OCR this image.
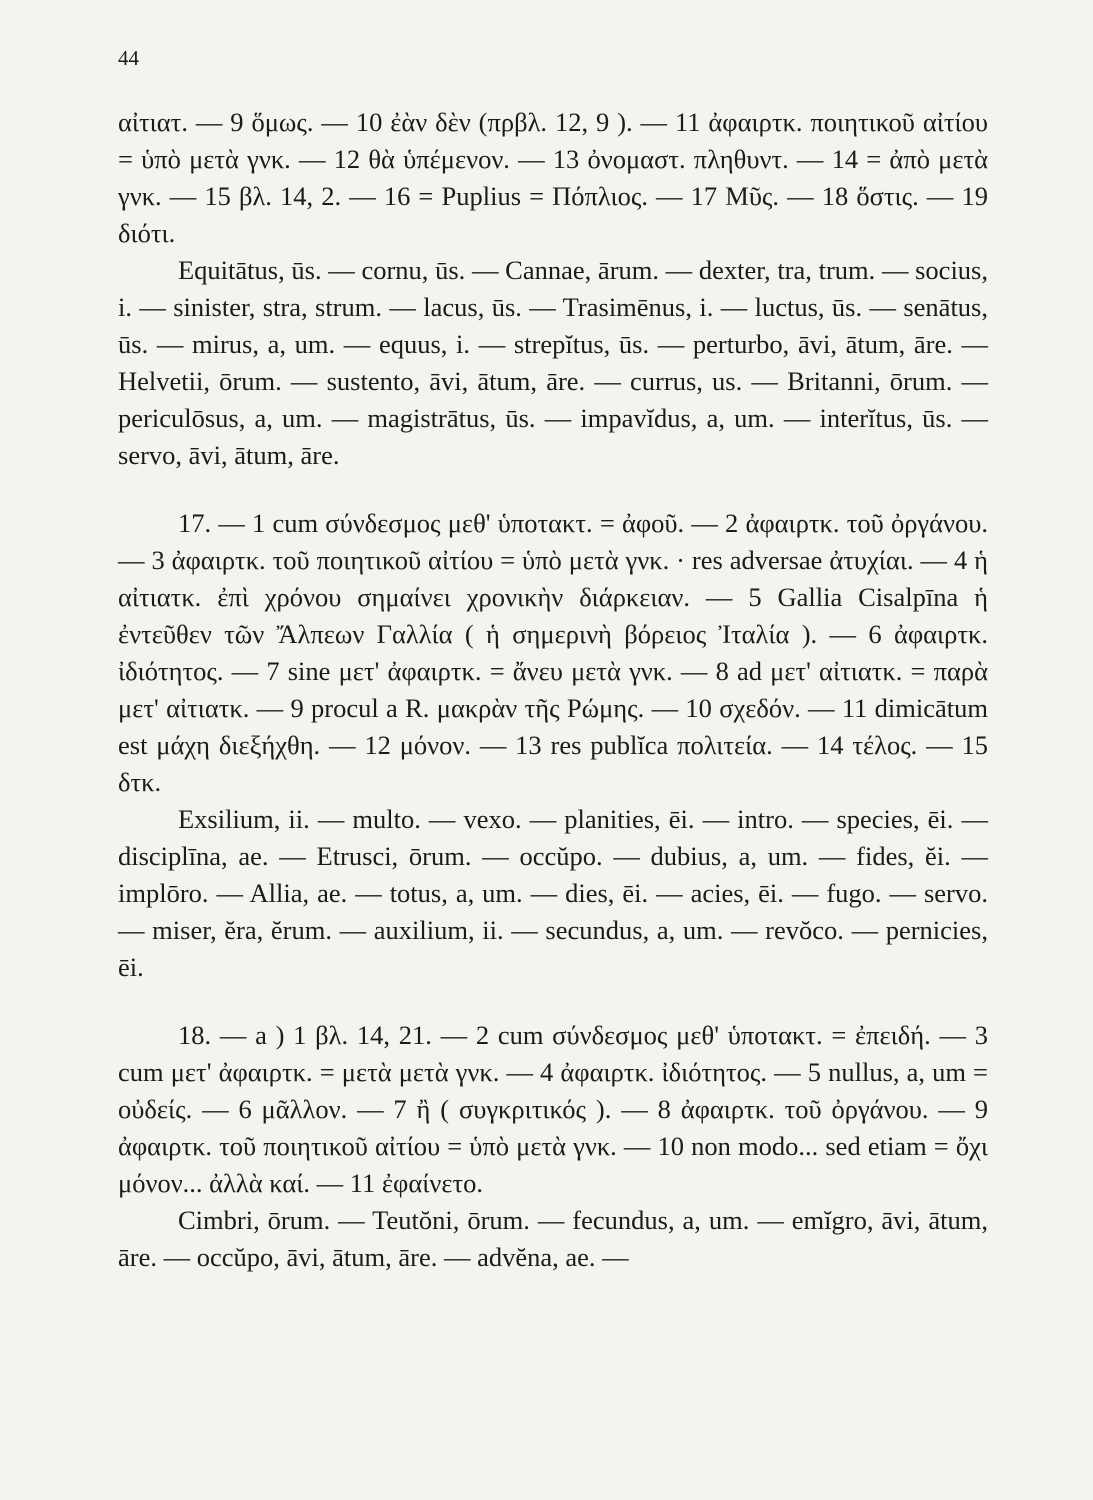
44

αἰτιατ. — 9 ὅμως. — 10 ἐὰν δὲν (πρβλ. 12, 9 ). — 11 ἀφαιρτκ. ποιητικοῦ αἰτίου = ὑπὸ μετὰ γνκ. — 12 θὰ ὑπέμενον. — 13 ὀνομαστ. πληθυντ. — 14 = ἀπὸ μετὰ γνκ. — 15 βλ. 14, 2. — 16 = Puplius = Πόπλιος. — 17 Μῦς. — 18 ὅστις. — 19 διότι.

Equitātus, ūs. — cornu, ūs. — Cannae, ārum. — dexter, tra, trum. — socius, i. — sinister, stra, strum. — lacus, ūs. — Trasimēnus, i. — luctus, ūs. — senātus, ūs. — mirus, a, um. — equus, i. — strepĭtus, ūs. — perturbo, āvi, ātum, āre. — Helvetii, ōrum. — sustento, āvi, ātum, āre. — currus, us. — Britanni, ōrum. — periculōsus, a, um. — magistrātus, ūs. — impavĭdus, a, um. — interĭtus, ūs. — servo, āvi, ātum, āre.

17. — 1 cum σύνδεσμος μεθ' ὑποτακτ. = ἀφοῦ. — 2 ἀφαιρτκ. τοῦ ὀργάνου. — 3 ἀφαιρτκ. τοῦ ποιητικοῦ αἰτίου = ὑπὸ μετὰ γνκ. · res adversae ἀτυχίαι. — 4 ἡ αἰτιατκ. ἐπὶ χρόνου σημαίνει χρονικὴν διάρκειαν. — 5 Gallia Cisalpīna ἡ ἐντεῦθεν τῶν Ἄλπεων Γαλλία ( ἡ σημερινὴ βόρειος Ἰταλία ). — 6 ἀφαιρτκ. ἰδιότητος. — 7 sine μετ' ἀφαιρτκ. = ἄνευ μετὰ γνκ. — 8 ad μετ' αἰτιατκ. = παρὰ μετ' αἰτιατκ. — 9 procul a R. μακρὰν τῆς Ρώμης. — 10 σχεδόν. — 11 dimicātum est μάχη διεξήχθη. — 12 μόνον. — 13 res publĭca πολιτεία. — 14 τέλος. — 15 δτκ.

Exsilium, ii. — multo. — vexo. — planities, ēi. — intro. — species, ēi. — disciplīna, ae. — Etrusci, ōrum. — occŭpo. — dubius, a, um. — fides, ĕi. — implōro. — Allia, ae. — totus, a, um. — dies, ēi. — acies, ēi. — fugo. — servo. — miser, ĕra, ĕrum. — auxilium, ii. — secundus, a, um. — revŏco. — pernicies, ēi.

18. — a ) 1 βλ. 14, 21. — 2 cum σύνδεσμος μεθ' ὑποτακτ. = ἐπειδή. — 3 cum μετ' ἀφαιρτκ. = μετὰ μετὰ γνκ. — 4 ἀφαιρτκ. ἰδιότητος. — 5 nullus, a, um = οὐδείς. — 6 μᾶλλον. — 7 ἢ ( συγκριτικός ). — 8 ἀφαιρτκ. τοῦ ὀργάνου. — 9 ἀφαιρτκ. τοῦ ποιητικοῦ αἰτίου = ὑπὸ μετὰ γνκ. — 10 non modo... sed etiam = ὄχι μόνον... ἀλλὰ καί. — 11 ἐφαίνετο.

Cimbri, ōrum. — Teutŏni, ōrum. — fecundus, a, um. — emĭgro, āvi, ātum, āre. — occŭpo, āvi, ātum, āre. — advĕna, ae. —
